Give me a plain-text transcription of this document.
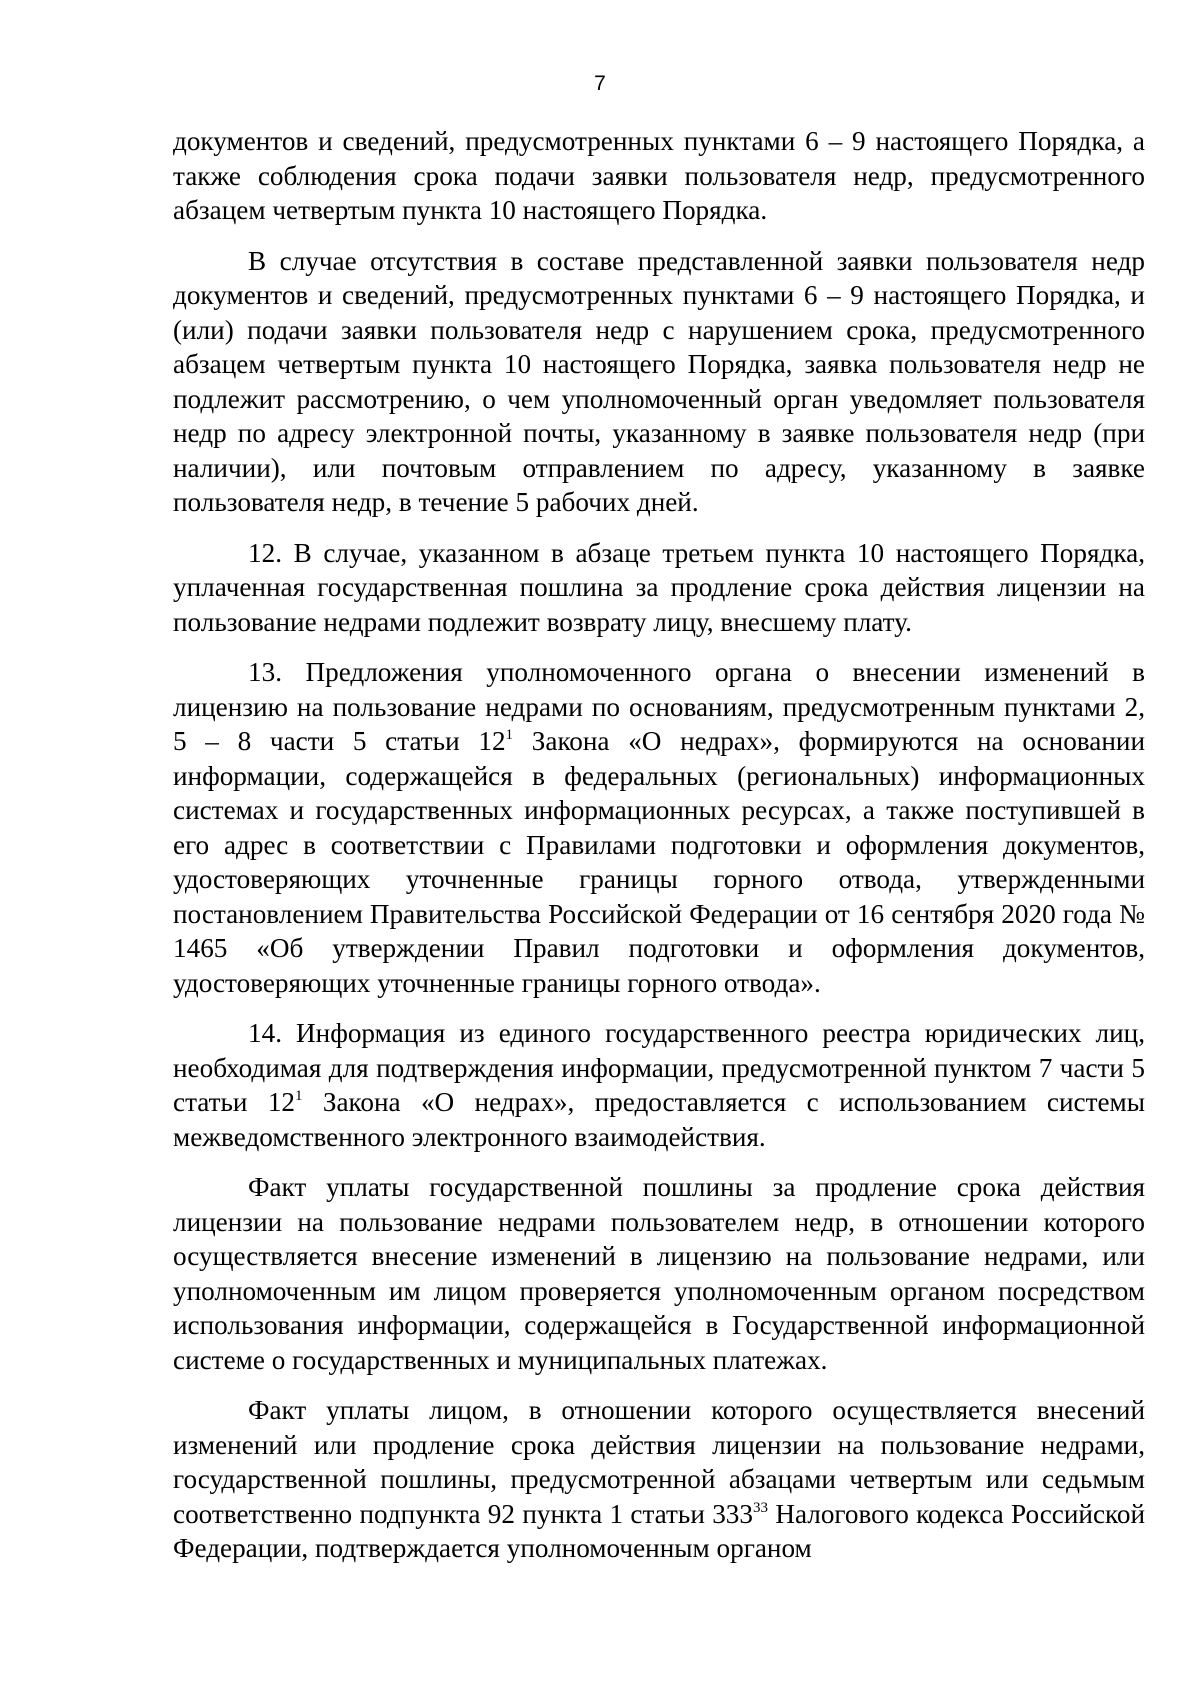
7

документов и сведений, предусмотренных пунктами 6 – 9 настоящего Порядка, а также соблюдения срока подачи заявки пользователя недр, предусмотренного абзацем четвертым пункта 10 настоящего Порядка.

В случае отсутствия в составе представленной заявки пользователя недр документов и сведений, предусмотренных пунктами 6 – 9 настоящего Порядка, и (или) подачи заявки пользователя недр с нарушением срока, предусмотренного абзацем четвертым пункта 10 настоящего Порядка, заявка пользователя недр не подлежит рассмотрению, о чем уполномоченный орган уведомляет пользователя недр по адресу электронной почты, указанному в заявке пользователя недр (при наличии), или почтовым отправлением по адресу, указанному в заявке пользователя недр, в течение 5 рабочих дней.

12. В случае, указанном в абзаце третьем пункта 10 настоящего Порядка, уплаченная государственная пошлина за продление срока действия лицензии на пользование недрами подлежит возврату лицу, внесшему плату.

13. Предложения уполномоченного органа о внесении изменений в лицензию на пользование недрами по основаниям, предусмотренным пунктами 2, 5 – 8 части 5 статьи $12^1$ Закона «О недрах», формируются на основании информации, содержащейся в федеральных (региональных) информационных системах и государственных информационных ресурсах, а также поступившей в его адрес в соответствии с Правилами подготовки и оформления документов, удостоверяющих уточненные границы горного отвода, утвержденными постановлением Правительства Российской Федерации от 16 сентября 2020 года № 1465 «Об утверждении Правил подготовки и оформления документов, удостоверяющих уточненные границы горного отвода».

14. Информация из единого государственного реестра юридических лиц, необходимая для подтверждения информации, предусмотренной пунктом 7 части 5 статьи $12^1$ Закона «О недрах», предоставляется с использованием системы межведомственного электронного взаимодействия.

Факт уплаты государственной пошлины за продление срока действия лицензии на пользование недрами пользователем недр, в отношении которого осуществляется внесение изменений в лицензию на пользование недрами, или уполномоченным им лицом проверяется уполномоченным органом посредством использования информации, содержащейся в Государственной информационной системе о государственных и муниципальных платежах.

Факт уплаты лицом, в отношении которого осуществляется внесений изменений или продление срока действия лицензии на пользование недрами, государственной пошлины, предусмотренной абзацами четвертым или седьмым соответственно подпункта 92 пункта 1 статьи $333^{33}$ Налогового кодекса Российской Федерации, подтверждается уполномоченным органом
